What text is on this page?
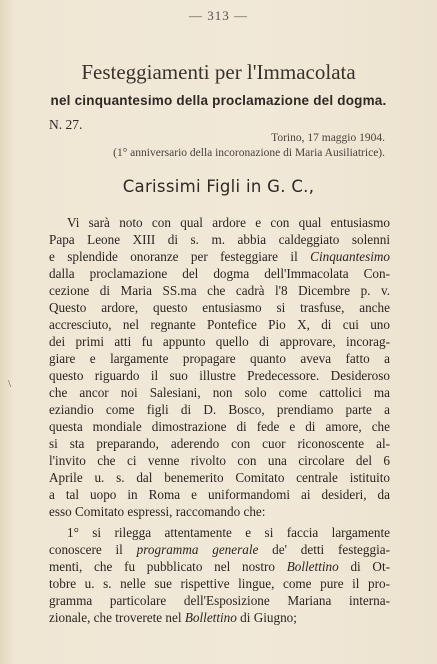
— 313 —
Festeggiamenti per l'Immacolata
nel cinquantesimo della proclamazione del dogma.
N. 27.
Torino, 17 maggio 1904.
(1° anniversario della incoronazione di Maria Ausiliatrice).
Carissimi Figli in G. C.,
Vi sarà noto con qual ardore e con qual entusiasmo
Papa Leone XIII di s. m. abbia caldeggiato solenni
e splendide onoranze per festeggiare il Cinquantesimo
dalla proclamazione del dogma dell'Immacolata Con-
cezione di Maria SS.ma che cadrà l'8 Dicembre p. v.
Questo ardore, questo entusiasmo si trasfuse, anche
accresciuto, nel regnante Pontefice Pio X, di cui uno
dei primi atti fu appunto quello di approvare, incorag-
giare e largamente propagare quanto aveva fatto a
questo riguardo il suo illustre Predecessore. Desideroso
che ancor noi Salesiani, non solo come cattolici ma
eziandio come figli di D. Bosco, prendiamo parte a
questa mondiale dimostrazione di fede e di amore, che
si sta preparando, aderendo con cuor riconoscente al-
l'invito che ci venne rivolto con una circolare del 6
Aprile u. s. dal benemerito Comitato centrale istituito
a tal uopo in Roma e uniformandomi ai desideri, da
esso Comitato espressi, raccomando che:
1° si rilegga attentamente e si faccia largamente
conoscere il programma generale de' detti festeggia-
menti, che fu pubblicato nel nostro Bollettino di Ot-
tobre u. s. nelle sue rispettive lingue, come pure il pro-
gramma particolare dell'Esposizione Mariana interna-
zionale, che troverete nel Bollettino di Giugno;
\
